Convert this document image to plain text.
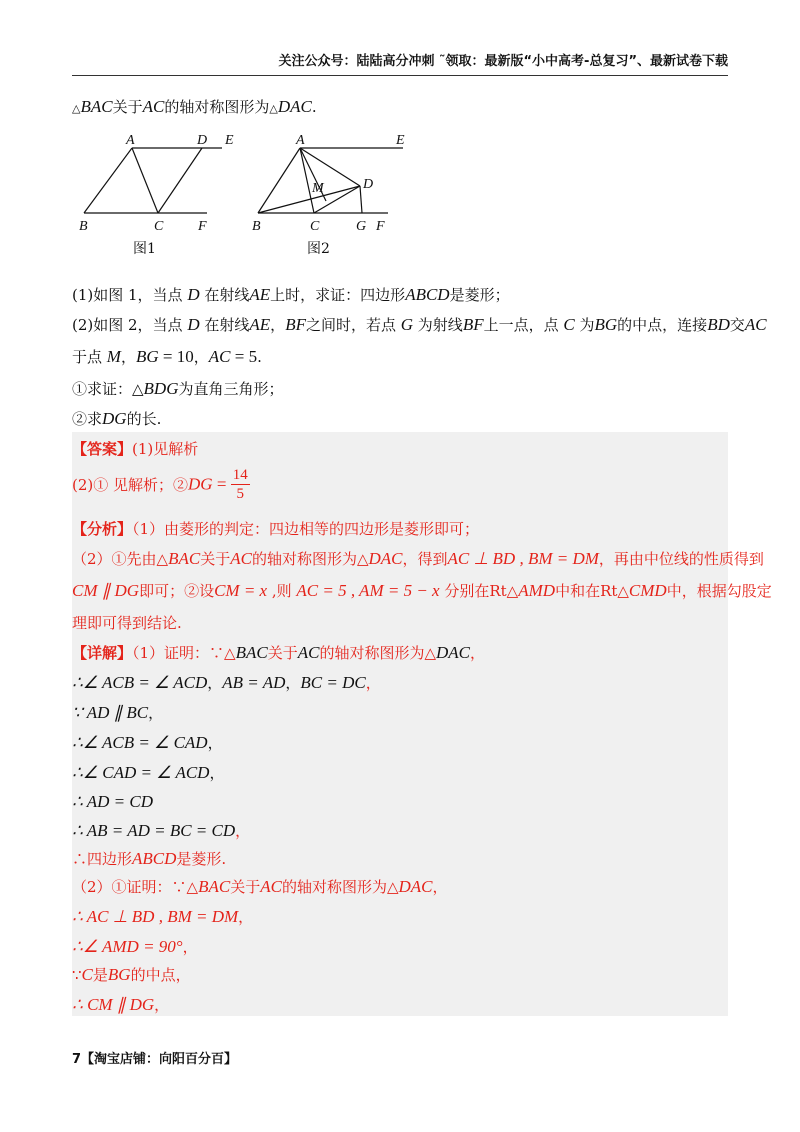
关注公众号：陆陆高分冲刺 ˜领取：最新版“小中高考-总复习”、最新试卷下载
△BAC关于AC的轴对称图形为△DAC.
A	D E
B	C F
图1
A	E
M	D
B	C	G F
图2
(1)如图 1，当点 D 在射线AE上时，求证：四边形ABCD是菱形；
(2)如图 2，当点 D 在射线AE，BF之间时，若点 G 为射线BF上一点，点 C 为BG的中点，连接BD交AC
于点 M，BG = 10，AC = 5.
①求证：△BDG为直角三角形；
②求DG的长.
【答案】(1)见解析
(2)① 见解析；②DG = $\frac{14}{5}$
【分析】（1）由菱形的判定：四边相等的四边形是菱形即可；
（2）①先由△BAC关于AC的轴对称图形为△DAC，得到AC ⊥ BD , BM = DM，再由中位线的性质得到
CM ∥ DG即可；②设CM = x ,则 AC = 5 , AM = 5 − x 分别在Rt△AMD中和在Rt△CMD中，根据勾股定
理即可得到结论.
【详解】（1）证明：∵△BAC关于AC的轴对称图形为△DAC，
∴∠ ACB = ∠ ACD，AB = AD，BC = DC，
∵ AD ∥ BC，
∴∠ ACB = ∠ CAD，
∴∠ CAD = ∠ ACD，
∴ AD = CD
∴ AB = AD = BC = CD，
∴四边形ABCD是菱形.
（2）①证明：∵△BAC关于AC的轴对称图形为△DAC，
∴ AC ⊥ BD , BM = DM，
∴∠ AMD = 90°，
∵C是BG的中点，
∴ CM ∥ DG，
7【淘宝店铺：向阳百分百】
